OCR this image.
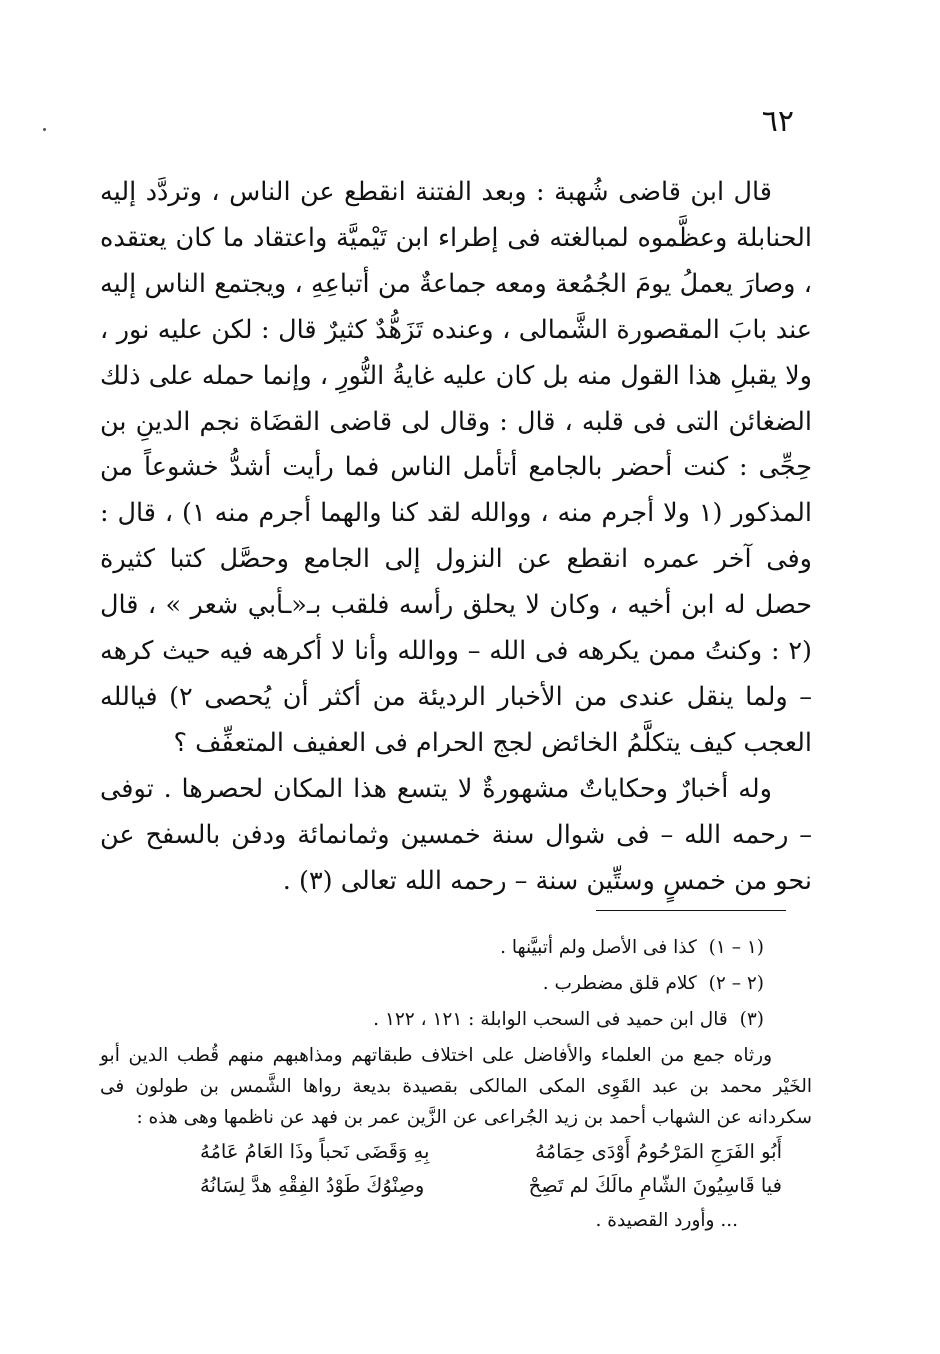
٦٢

قال ابن قاضى شُهبة : وبعد الفتنة انقطع عن الناس ، وتردَّد إليه الحنابلة وعظَّموه لمبالغته فى إطراء ابن تَيْميَّة واعتقاد ما كان يعتقده ، وصارَ يعملُ يومَ الجُمُعة ومعه جماعةٌ من أتباعِهِ ، ويجتمع الناس إليه عند بابَ المقصورة الشَّمالى ، وعنده تَزَهُّدٌ كثيرٌ قال : لكن عليه نور ، ولا يقبلِ هذا القول منه بل كان عليه غايةُ النُّورِ ، وإنما حمله على ذلك الضغائن التى فى قلبه ، قال : وقال لى قاضى القضَاة نجم الدينِ بن حِجِّى : كنت أحضر بالجامع أتأمل الناس فما رأيت أشدُّ خشوعاً من المذكور (١ ولا أجرم منه ، ووالله لقد كنا والهما أجرم منه ١) ، قال : وفى آخر عمره انقطع عن النزول إلى الجامع وحصَّل كتبا كثيرة حصل له ابن أخيه ، وكان لا يحلق رأسه فلقب بـ«ـأبي شعر » ، قال (٢ : وكنتُ ممن يكرهه فى الله – ووالله وأنا لا أكرهه فيه حيث كرهه – ولما ينقل عندى من الأخبار الرديئة من أكثر أن يُحصى ٢) فيالله العجب كيف يتكلَّمُ الخائض لجج الحرام فى العفيف المتعفِّف ؟

وله أخبارٌ وحكاياتٌ مشهورةٌ لا يتسع هذا المكان لحصرها . توفى – رحمه الله – فى شوال سنة خمسين وثمانمائة ودفن بالسفح عن نحو من خمسٍ وستِّين سنة – رحمه الله تعالى (٣) .

(١ – ١) كذا فى الأصل ولم أتبيَّنها .
(٢ – ٢) كلام قلق مضطرب .
(٣) قال ابن حميد فى السحب الوابلة : ١٢١ ، ١٢٢ .
ورثاه جمع من العلماء والأفاضل على اختلاف طبقاتهم ومذاهبهم منهم قُطب الدين أبو الخَيْر محمد بن عبد القَوِى المكى المالكى بقصيدة بديعة رواها الشَّمس بن طولون فى سكردانه عن الشهاب أحمد بن زيد الجُراعى عن الزَّين عمر بن فهد عن ناظمها وهى هذه :
أَبُو الفَرَجِ المَرْحُومُ أَوْدَى حِمَامُهُ
بِهِ وَقَضَى نَحباً وذَا العَامُ عَامُهُ
فيا قَاسِيُونَ الشّامِ مالَكَ لم تَصِحْ
وصِنْوُكَ طَوْدُ الفِقْهِ هدَّ لِسَانُهُ
... وأورد القصيدة .
